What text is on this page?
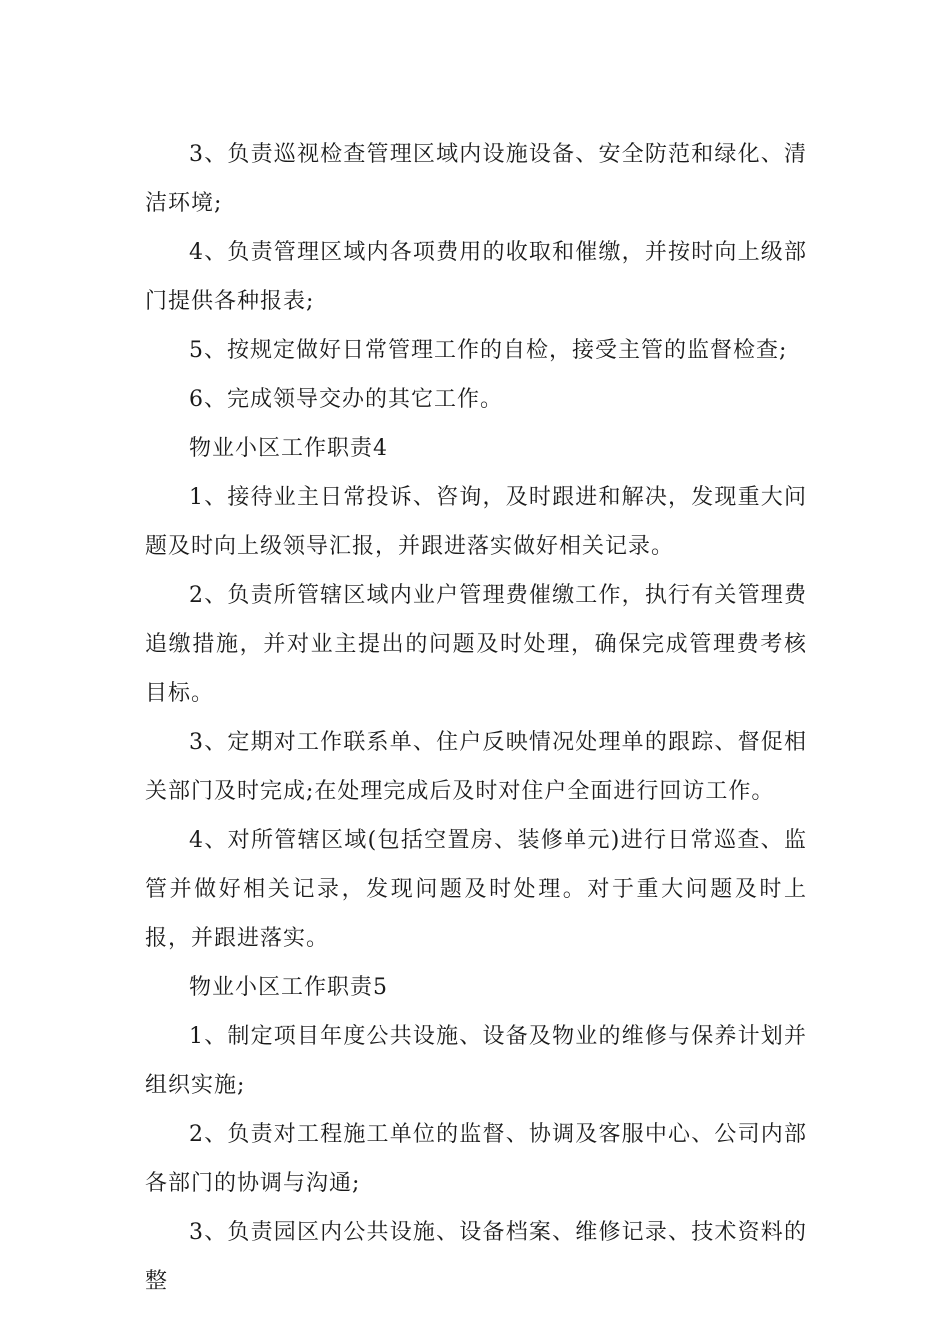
3、负责巡视检查管理区域内设施设备、安全防范和绿化、清洁环境;

4、负责管理区域内各项费用的收取和催缴，并按时向上级部门提供各种报表;

5、按规定做好日常管理工作的自检，接受主管的监督检查;

6、完成领导交办的其它工作。

物业小区工作职责4

1、接待业主日常投诉、咨询，及时跟进和解决，发现重大问题及时向上级领导汇报，并跟进落实做好相关记录。

2、负责所管辖区域内业户管理费催缴工作，执行有关管理费追缴措施，并对业主提出的问题及时处理，确保完成管理费考核目标。

3、定期对工作联系单、住户反映情况处理单的跟踪、督促相关部门及时完成;在处理完成后及时对住户全面进行回访工作。

4、对所管辖区域(包括空置房、装修单元)进行日常巡查、监管并做好相关记录，发现问题及时处理。对于重大问题及时上报，并跟进落实。

物业小区工作职责5

1、制定项目年度公共设施、设备及物业的维修与保养计划并组织实施;

2、负责对工程施工单位的监督、协调及客服中心、公司内部各部门的协调与沟通;

3、负责园区内公共设施、设备档案、维修记录、技术资料的整
